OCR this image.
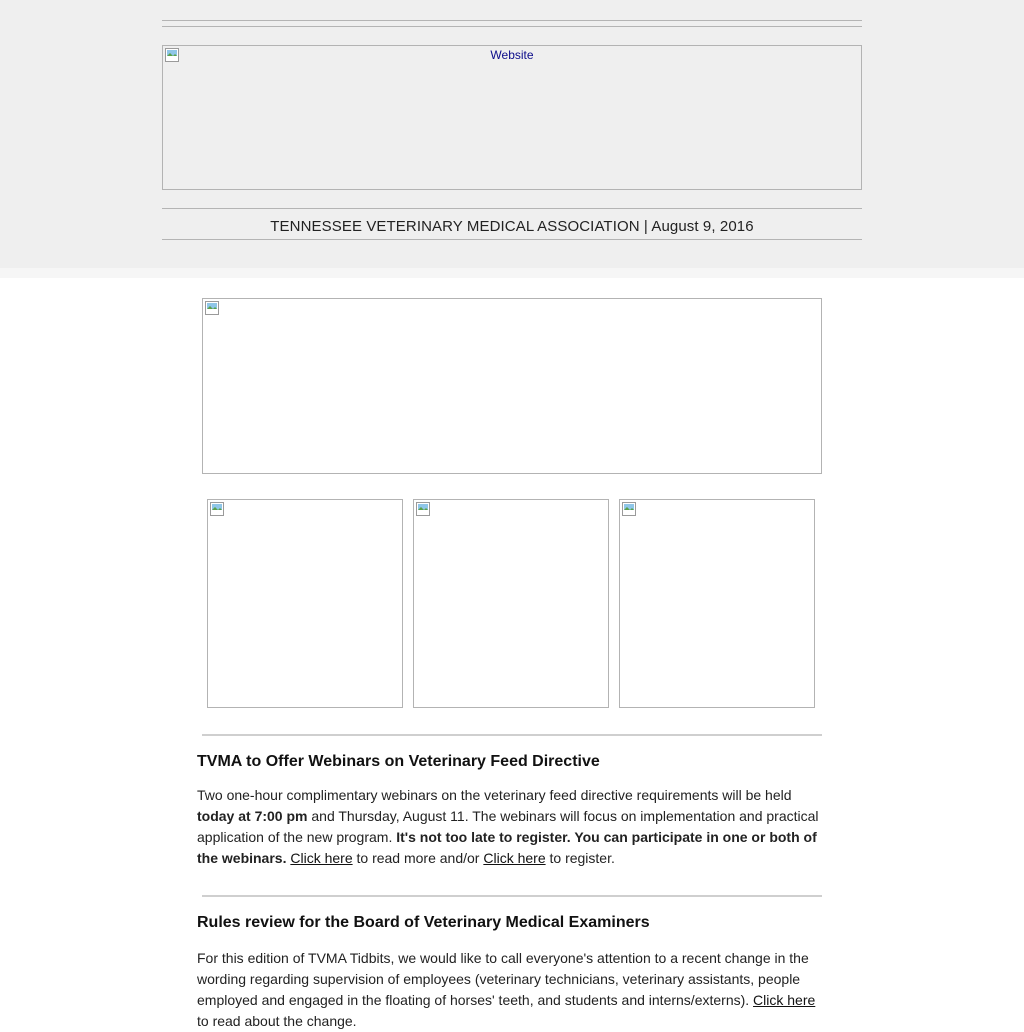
Website
TENNESSEE VETERINARY MEDICAL ASSOCIATION | August 9, 2016
TVMA to Offer Webinars on Veterinary Feed Directive

Two one-hour complimentary webinars on the veterinary feed directive requirements will be held today at 7:00 pm and Thursday, August 11. The webinars will focus on implementation and practical application of the new program. It's not too late to register. You can participate in one or both of the webinars. Click here to read more and/or Click here to register.

Rules review for the Board of Veterinary Medical Examiners

For this edition of TVMA Tidbits, we would like to call everyone's attention to a recent change in the wording regarding supervision of employees (veterinary technicians, veterinary assistants, people employed and engaged in the floating of horses' teeth, and students and interns/externs). Click here to read about the change.
